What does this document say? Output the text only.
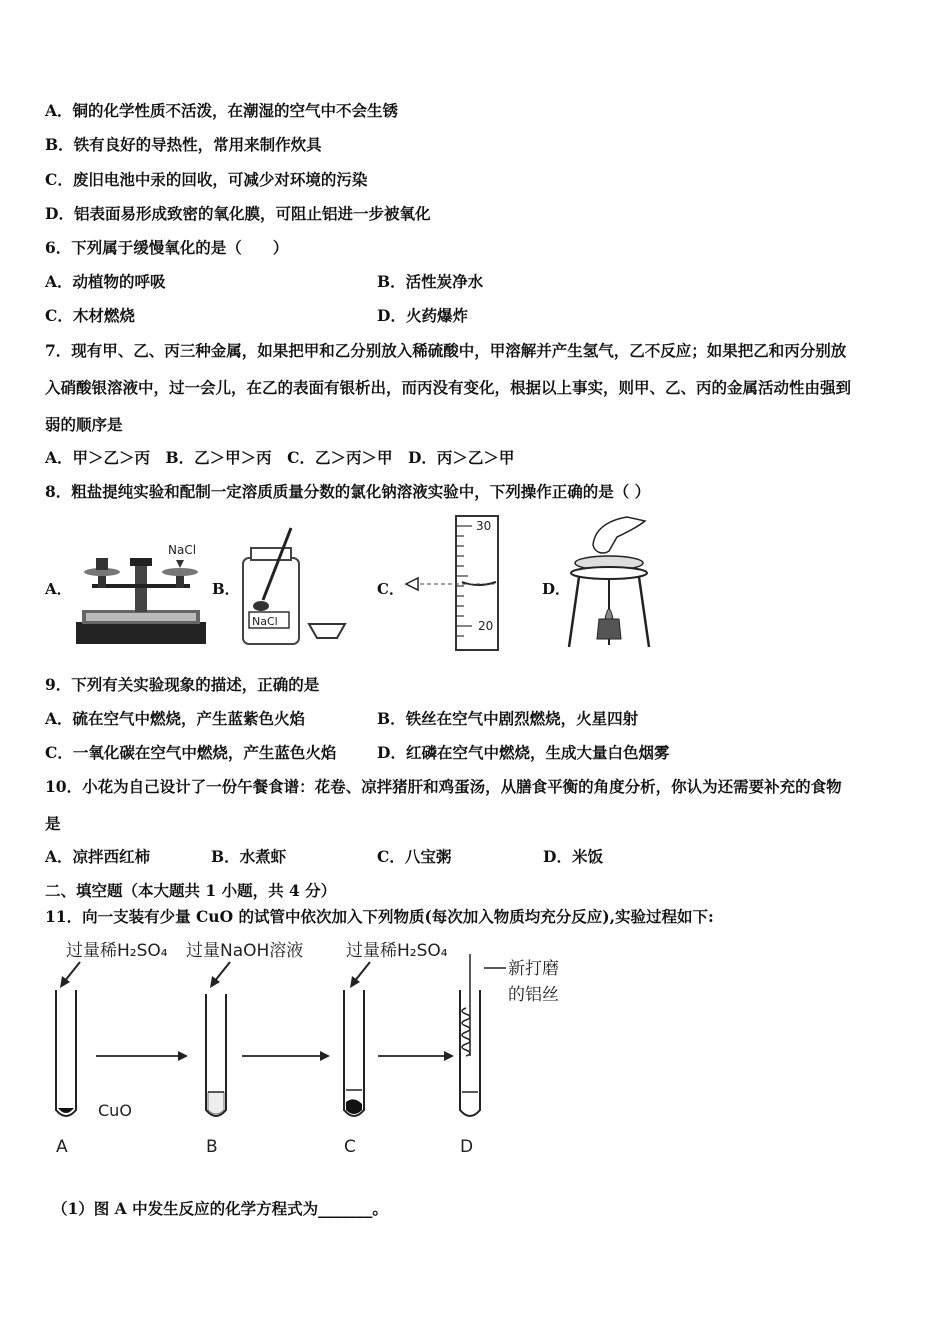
A．铜的化学性质不活泼，在潮湿的空气中不会生锈
B．铁有良好的导热性，常用来制作炊具
C．废旧电池中汞的回收，可减少对环境的污染
D．铝表面易形成致密的氧化膜，可阻止铝进一步被氧化
6．下列属于缓慢氧化的是（　　）
A．动植物的呼吸	B．活性炭净水
C．木材燃烧	D．火药爆炸
7．现有甲、乙、丙三种金属，如果把甲和乙分别放入稀硫酸中，甲溶解并产生氢气，乙不反应；如果把乙和丙分别放
入硝酸银溶液中，过一会儿，在乙的表面有银析出，而丙没有变化，根据以上事实，则甲、乙、丙的金属活动性由强到
弱的顺序是
A．甲＞乙＞丙　B．乙＞甲＞丙　C．乙＞丙＞甲　D．丙＞乙＞甲
8．粗盐提纯实验和配制一定溶质质量分数的氯化钠溶液实验中，下列操作正确的是（ ）
A．
NaCl
B．
NaCl
C．
30
20
D．
9．下列有关实验现象的描述，正确的是
A．硫在空气中燃烧，产生蓝紫色火焰	B．铁丝在空气中剧烈燃烧，火星四射
C．一氧化碳在空气中燃烧，产生蓝色火焰	D．红磷在空气中燃烧，生成大量白色烟雾
10．小花为自己设计了一份午餐食谱：花卷、凉拌猪肝和鸡蛋汤，从膳食平衡的角度分析，你认为还需要补充的食物
是
A．凉拌西红柿	B．水煮虾	C．八宝粥	D．米饭
二、填空题（本大题共 1 小题，共 4 分）
11．向一支装有少量 CuO 的试管中依次加入下列物质(每次加入物质均充分反应),实验过程如下:
过量稀H₂SO₄ 过量NaOH溶液	过量稀H₂SO₄
新打磨
的铝丝
CuO
A	B	C	D
（1）图 A 中发生反应的化学方程式为_______。
